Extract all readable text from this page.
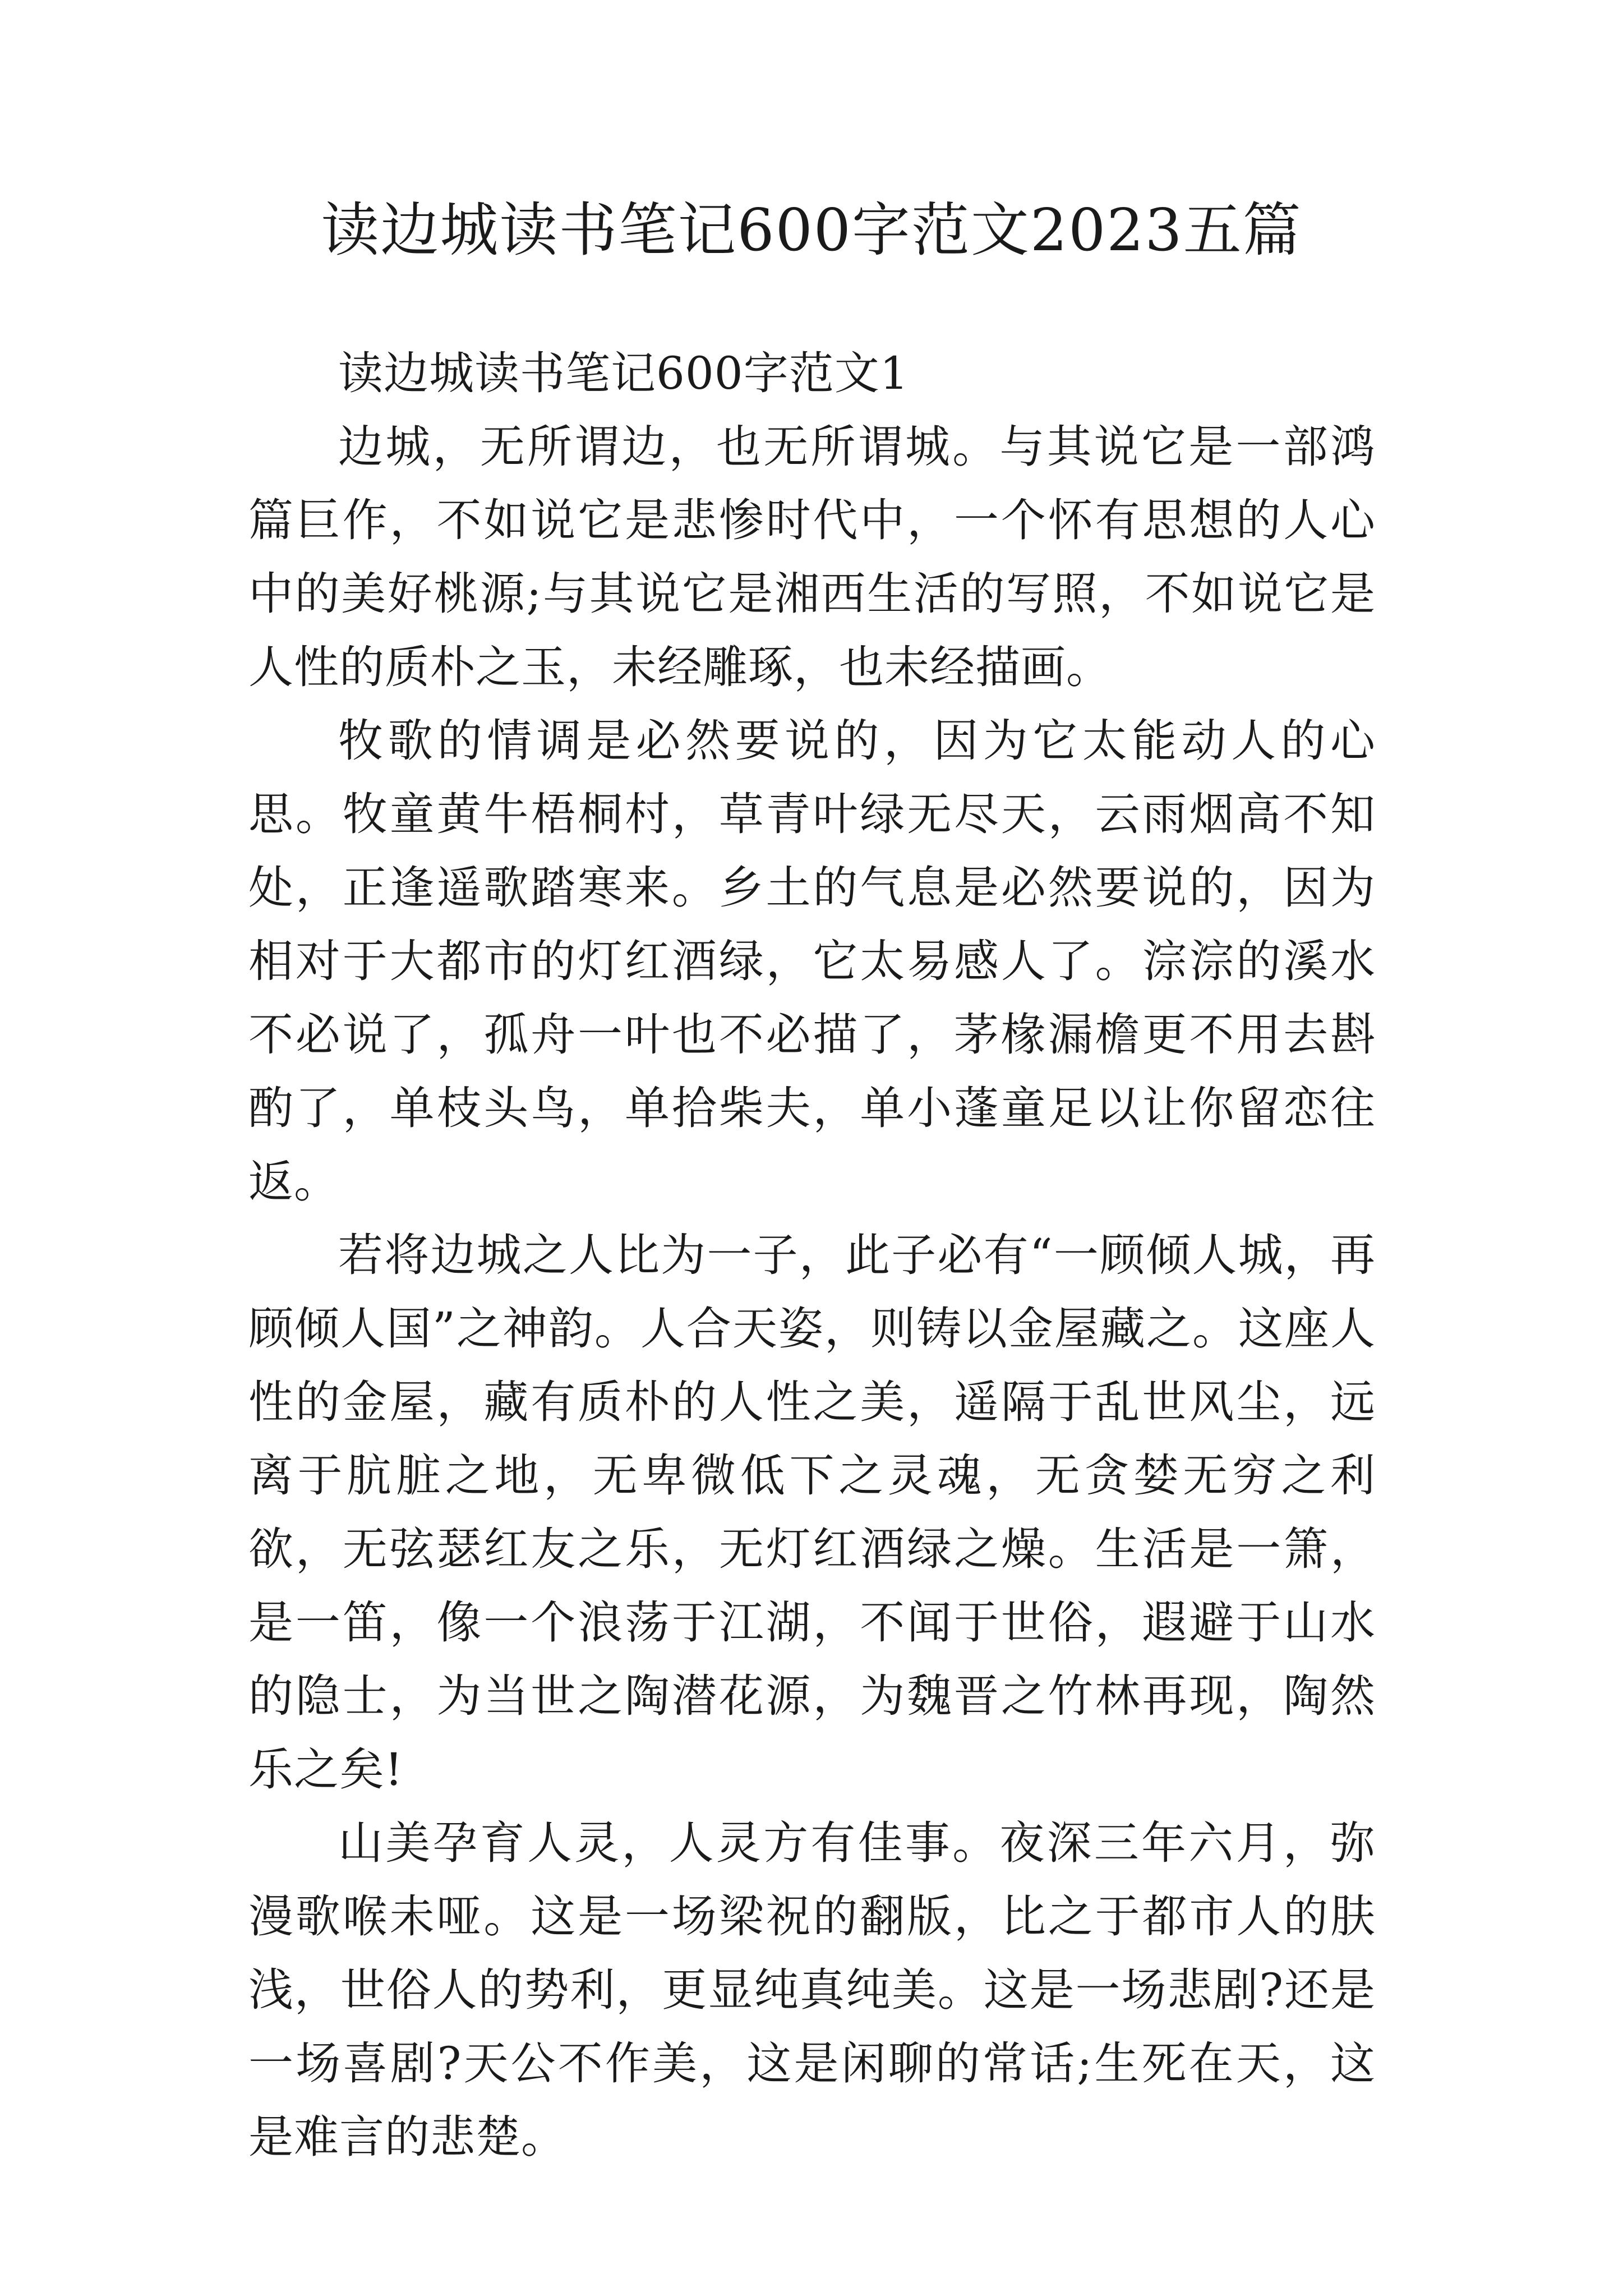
读边城读书笔记600字范文2023五篇

读边城读书笔记600字范文1

边城，无所谓边，也无所谓城。与其说它是一部鸿篇巨作，不如说它是悲惨时代中，一个怀有思想的人心中的美好桃源;与其说它是湘西生活的写照，不如说它是人性的质朴之玉，未经雕琢，也未经描画。

牧歌的情调是必然要说的，因为它太能动人的心思。牧童黄牛梧桐村，草青叶绿无尽天，云雨烟高不知处，正逢遥歌踏寒来。乡土的气息是必然要说的，因为相对于大都市的灯红酒绿，它太易感人了。淙淙的溪水不必说了，孤舟一叶也不必描了，茅椽漏檐更不用去斟酌了，单枝头鸟，单拾柴夫，单小蓬童足以让你留恋往返。

若将边城之人比为一子，此子必有“一顾倾人城，再顾倾人国”之神韵。人合天姿，则铸以金屋藏之。这座人性的金屋，藏有质朴的人性之美，遥隔于乱世风尘，远离于肮脏之地，无卑微低下之灵魂，无贪婪无穷之利欲，无弦瑟红友之乐，无灯红酒绿之燥。生活是一箫，是一笛，像一个浪荡于江湖，不闻于世俗，遐避于山水的隐士，为当世之陶潜花源，为魏晋之竹林再现，陶然乐之矣!

山美孕育人灵，人灵方有佳事。夜深三年六月，弥漫歌喉未哑。这是一场梁祝的翻版，比之于都市人的肤浅，世俗人的势利，更显纯真纯美。这是一场悲剧?还是一场喜剧?天公不作美，这是闲聊的常话;生死在天，这是难言的悲楚。
